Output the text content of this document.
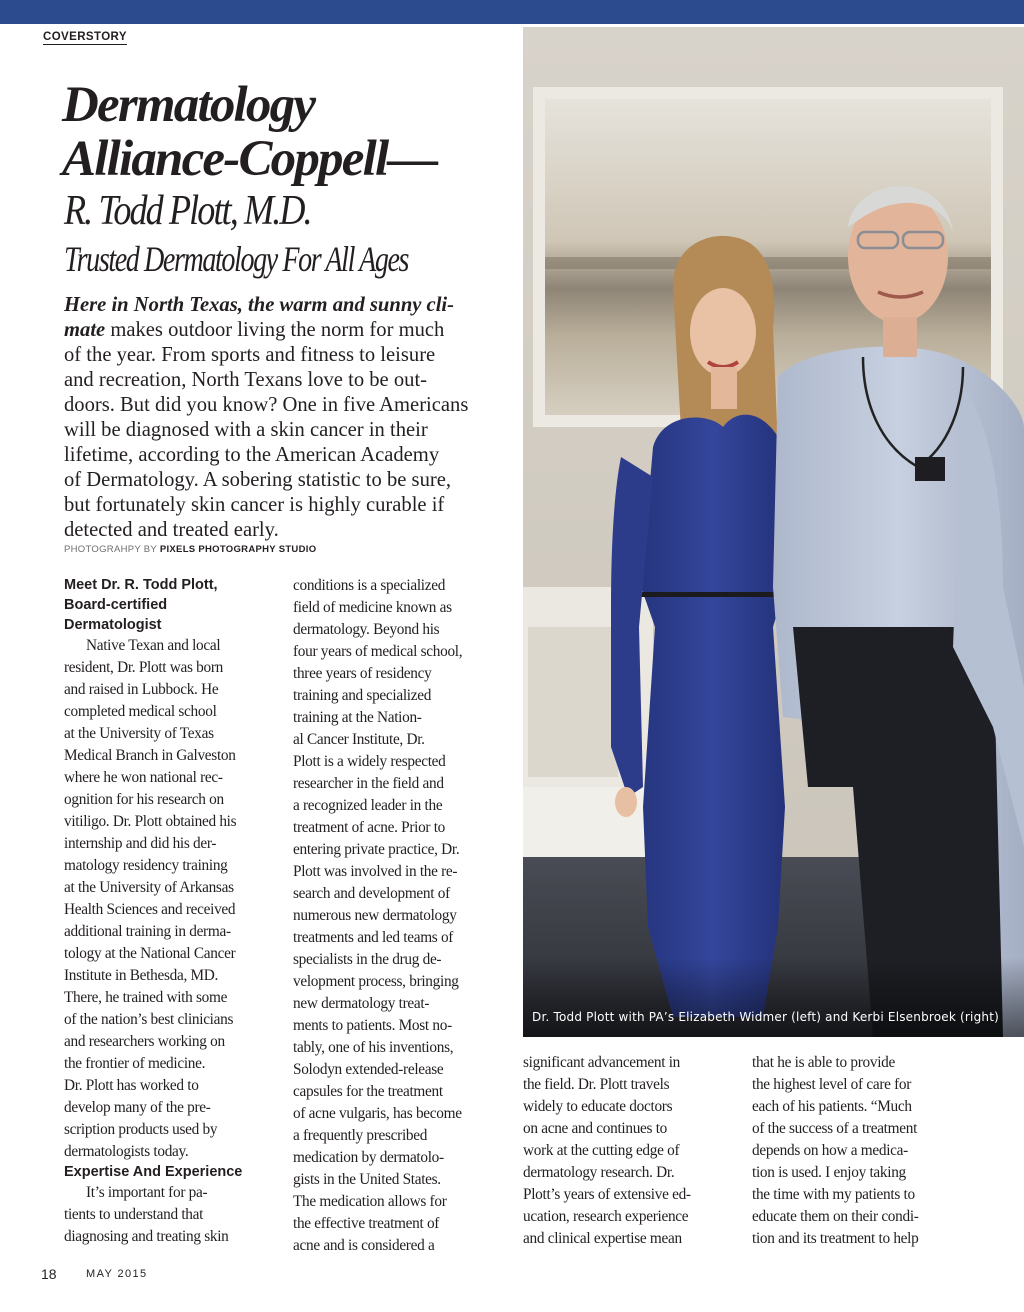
COVERSTORY
Dermatology
Alliance-Coppell—
R. Todd Plott, M.D.
Trusted Dermatology For All Ages

Here in North Texas, the warm and sunny cli-

mate makes outdoor living the norm for much

of the year. From sports and fitness to leisure

and recreation, North Texans love to be out-

doors. But did you know? One in five Americans

will be diagnosed with a skin cancer in their

lifetime, according to the American Academy

of Dermatology. A sobering statistic to be sure,

but fortunately skin cancer is highly curable if

detected and treated early.

PHOTOGRAHPY BY PIXELS PHOTOGRAPHY STUDIO
Meet Dr. R. Todd Plott,
Board-certified
Dermatologist
Native Texan and local
resident, Dr. Plott was born
and raised in Lubbock. He
completed medical school
at the University of Texas
Medical Branch in Galveston
where he won national rec-
ognition for his research on
vitiligo. Dr. Plott obtained his
internship and did his der-
matology residency training
at the University of Arkansas
Health Sciences and received
additional training in derma-
tology at the National Cancer
Institute in Bethesda, MD.
There, he trained with some
of the nation’s best clinicians
and researchers working on
the frontier of medicine.
Dr. Plott has worked to
develop many of the pre-
scription products used by
dermatologists today.
Expertise And Experience
It’s important for pa-
tients to understand that
diagnosing and treating skin
conditions is a specialized
field of medicine known as
dermatology. Beyond his
four years of medical school,
three years of residency
training and specialized
training at the Nation-
al Cancer Institute, Dr.
Plott is a widely respected
researcher in the field and
a recognized leader in the
treatment of acne. Prior to
entering private practice, Dr.
Plott was involved in the re-
search and development of
numerous new dermatology
treatments and led teams of
specialists in the drug de-
velopment process, bringing
new dermatology treat-
ments to patients. Most no-
tably, one of his inventions,
Solodyn extended-release
capsules for the treatment
of acne vulgaris, has become
a frequently prescribed
medication by dermatolo-
gists in the United States.
The medication allows for
the effective treatment of
acne and is considered a
Dr. Todd Plott with PA’s Elizabeth Widmer (left) and Kerbi Elsenbroek (right)
significant advancement in
the field. Dr. Plott travels
widely to educate doctors
on acne and continues to
work at the cutting edge of
dermatology research. Dr.
Plott’s years of extensive ed-
ucation, research experience
and clinical expertise mean
that he is able to provide
the highest level of care for
each of his patients. “Much
of the success of a treatment
depends on how a medica-
tion is used. I enjoy taking
the time with my patients to
educate them on their condi-
tion and its treatment to help
18	MAY 2015
